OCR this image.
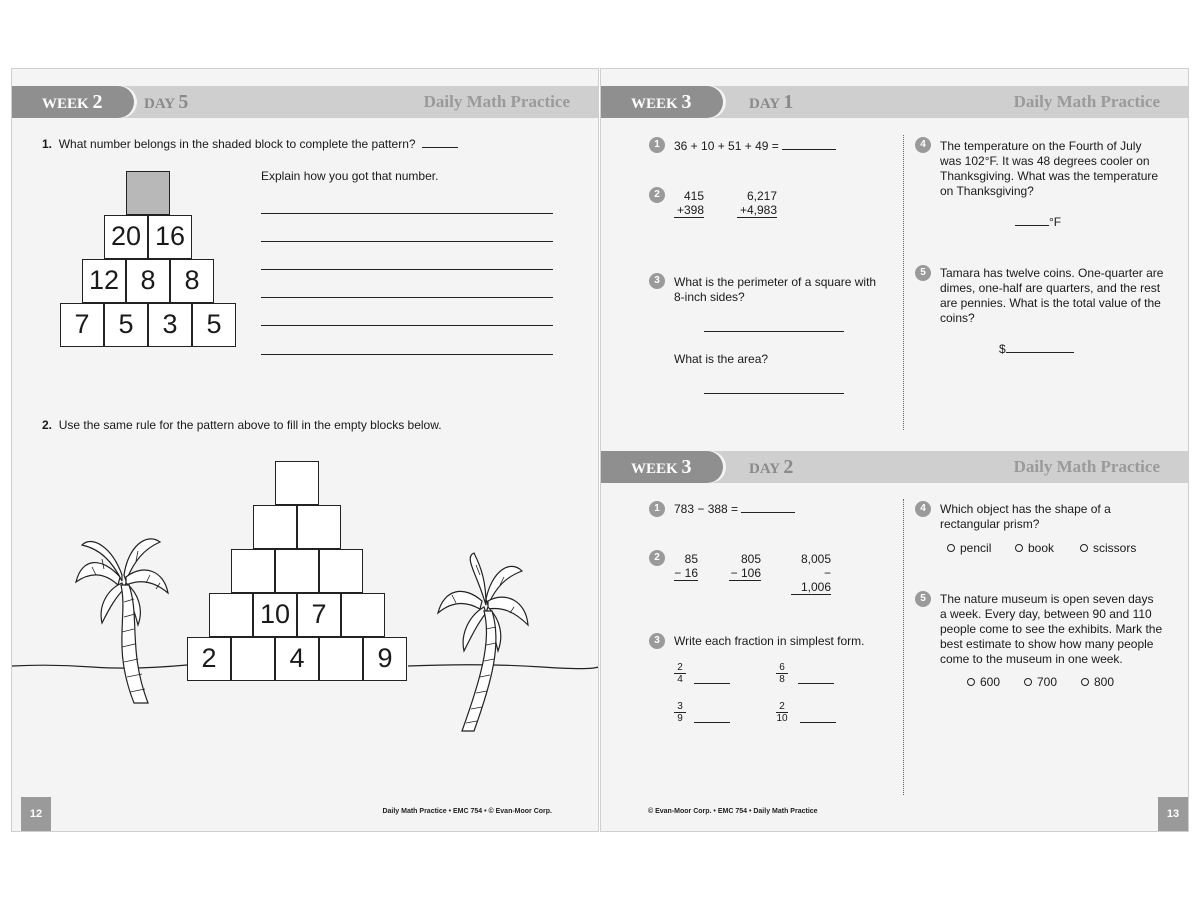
WEEK 2	DAY 5	Daily Math Practice
1. What number belongs in the shaded block to complete the pattern?
20 16
12 8	8
7	5	3	5
Explain how you got that number.
2. Use the same rule for the pattern above to fill in the empty blocks below.
10 7
2	4	9
12	Daily Math Practice • EMC 754 • © Evan-Moor Corp.
WEEK 3	DAY 1	Daily Math Practice
1	36 + 10 + 51 + 49 =
2	415
+398
6,217
+4,983
3	What is the perimeter of a square with
8-inch sides?
What is the area?
4	The temperature on the Fourth of July
was 102°F. It was 48 degrees cooler on
Thanksgiving. What was the temperature
on Thanksgiving?
°F
5	Tamara has twelve coins. One-quarter are
dimes, one-half are quarters, and the rest
are pennies. What is the total value of the
coins?
$
WEEK 3	DAY 2	Daily Math Practice
1	783 − 388 =
2	85
− 16
805
− 106
8,005
− 1,006
3	Write each fraction in simplest form.
$\frac{2}{4}$	$\frac{6}{8}$
$\frac{3}{9}$	$\frac{2}{10}$
4	Which object has the shape of a
rectangular prism?
pencil	book	scissors
5	The nature museum is open seven days
a week. Every day, between 90 and 110
people come to see the exhibits. Mark the
best estimate to show how many people
come to the museum in one week.
600	700	800
13
© Evan-Moor Corp. • EMC 754 • Daily Math Practice
